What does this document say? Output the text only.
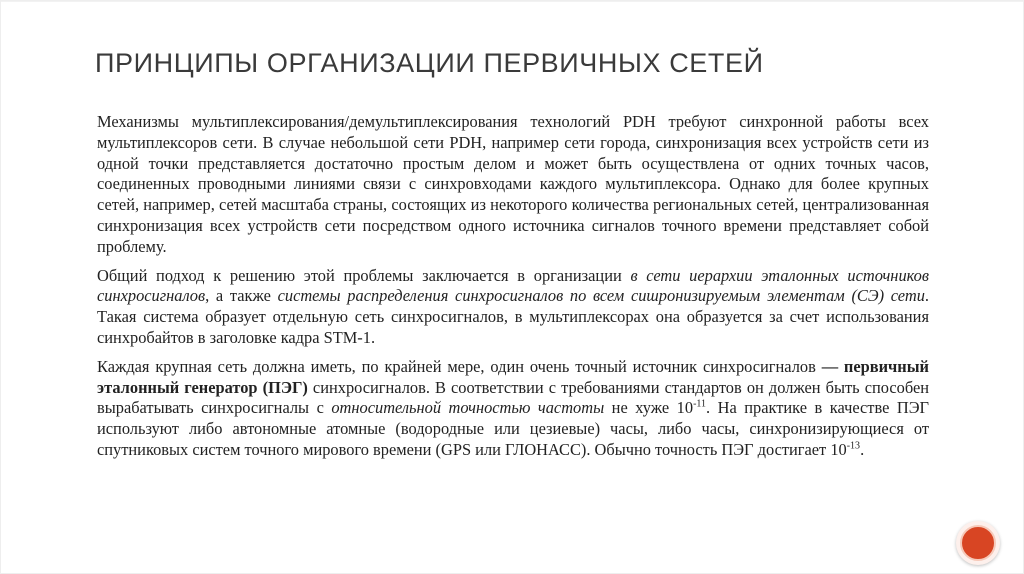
ПРИНЦИПЫ ОРГАНИЗАЦИИ ПЕРВИЧНЫХ СЕТЕЙ

Механизмы мультиплексирования/демультиплексирования технологий PDH требуют синхронной работы всех мультиплексоров сети. В случае небольшой сети PDH, например сети города, синхронизация всех устройств сети из одной точки представляется достаточно простым делом и может быть осуществлена от одних точных часов, соединенных проводными линиями связи с синхровходами каждого мультиплексора. Однако для более крупных сетей, например, сетей масштаба страны, состоящих из некоторого количества региональных сетей, централизованная синхронизация всех устройств сети посредством одного источника сигналов точного времени представляет собой проблему.

Общий подход к решению этой проблемы заключается в организации в сети иерархии эталонных источников синхросигналов, а также системы распределения синхросигналов по всем сишронизируемым элементам (СЭ) сети. Такая система образует отдельную сеть синхросигналов, в мультиплексорах она образуется за счет использования синхробайтов в заголовке кадра STM-1.

Каждая крупная сеть должна иметь, по крайней мере, один очень точный источник синхросигналов — первичный эталонный генератор (ПЭГ) синхросигналов. В соответствии с требованиями стандартов он должен быть способен вырабатывать синхросигналы с относительной точностью частоты не хуже $10^{-11}$. На практике в качестве ПЭГ используют либо автономные атомные (водородные или цезиевые) часы, либо часы, синхронизирующиеся от спутниковых систем точного мирового времени (GPS или ГЛОНАСС). Обычно точность ПЭГ достигает $10^{-13}$.
